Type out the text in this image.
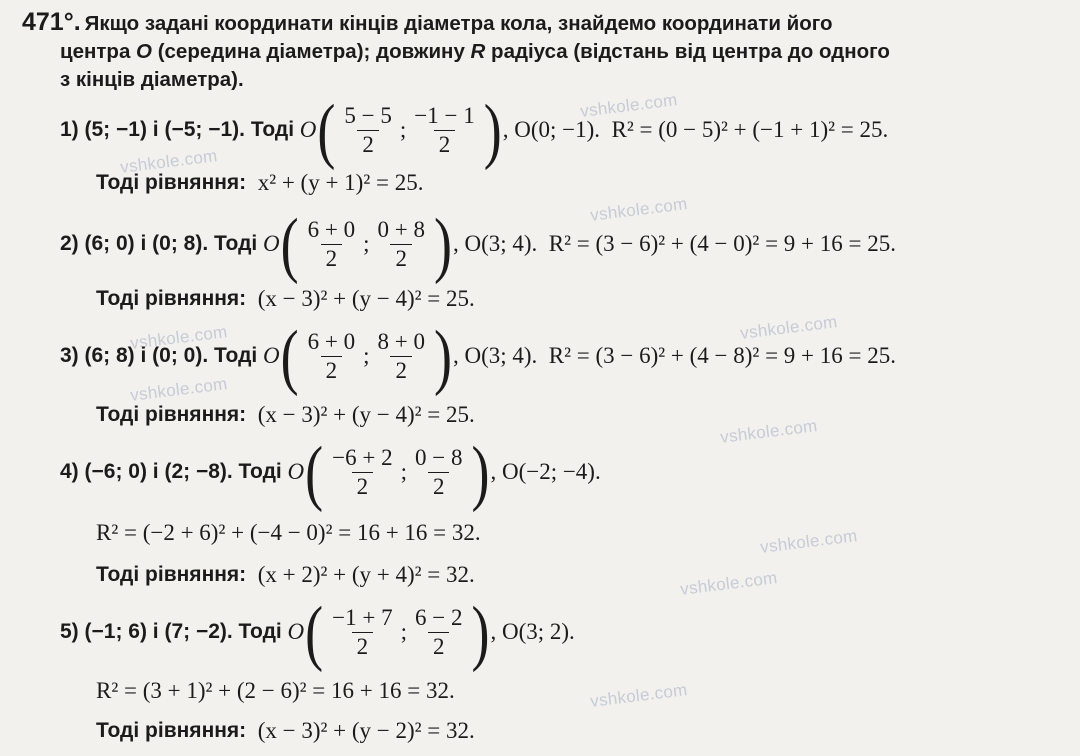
vshkole.com
vshkole.com
vshkole.com
vshkole.com	vshkole.com
vshkole.com
vshkole.com
vshkole.com
vshkole.com
vshkole.com
471°. Якщо задані координати кінців діаметра кола, знайдемо координати його
центра O (середина діаметра); довжину R радіуса (відстань від центра до одного
з кінців діаметра).
1) (5; −1) і (−5; −1). Тоді
O ( $\frac{5 - 5}{2}$ ; $\frac{-1 - 1}{2}$ ) , O(0; −1).
R² = (0 − 5)² + (−1 + 1)² = 25.
Тоді рівняння:
x² + (y + 1)² = 25.
2) (6; 0) і (0; 8). Тоді
O ( $\frac{6 + 0}{2}$ ; $\frac{0 + 8}{2}$ ) , O(3; 4).
R² = (3 − 6)² + (4 − 0)² = 9 + 16 = 25.
Тоді рівняння:
(x − 3)² + (y − 4)² = 25.
3) (6; 8) і (0; 0). Тоді
O ( $\frac{6 + 0}{2}$ ; $\frac{8 + 0}{2}$ ) , O(3; 4).
R² = (3 − 6)² + (4 − 8)² = 9 + 16 = 25.
Тоді рівняння:
(x − 3)² + (y − 4)² = 25.
4) (−6; 0) і (2; −8). Тоді
O ( $\frac{-6 + 2}{2}$ ; $\frac{0 - 8}{2}$ ) , O(−2; −4).
R² = (−2 + 6)² + (−4 − 0)² = 16 + 16 = 32.
Тоді рівняння:
(x + 2)² + (y + 4)² = 32.
5) (−1; 6) і (7; −2). Тоді
O ( $\frac{-1 + 7}{2}$ ; $\frac{6 - 2}{2}$ ) , O(3; 2).
R² = (3 + 1)² + (2 − 6)² = 16 + 16 = 32.
Тоді рівняння:
(x − 3)² + (y − 2)² = 32.
